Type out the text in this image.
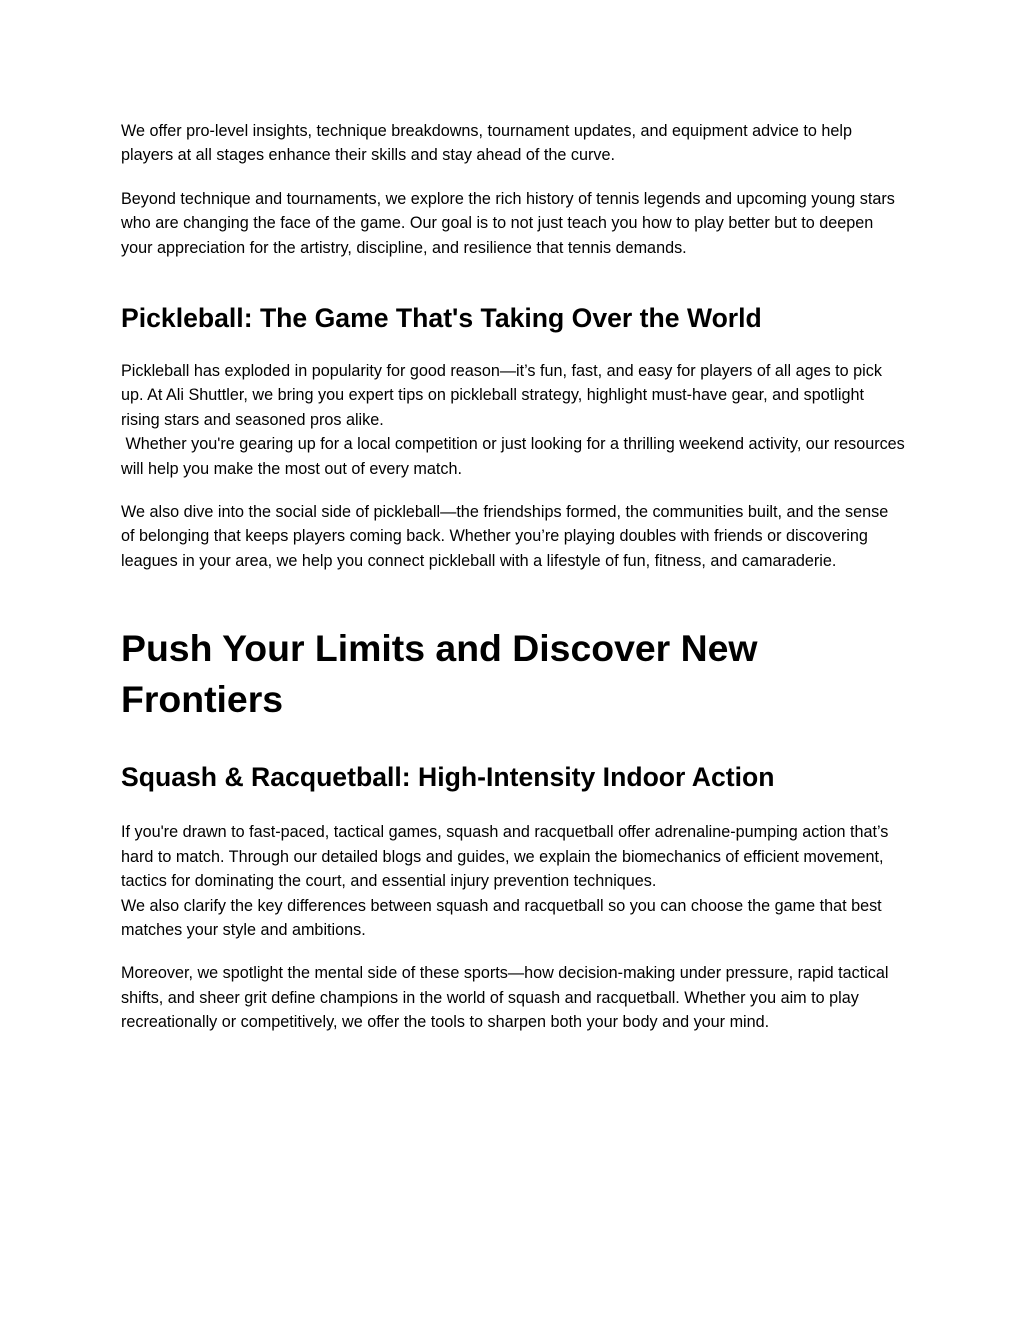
We offer pro-level insights, technique breakdowns, tournament updates, and equipment advice to help players at all stages enhance their skills and stay ahead of the curve.

Beyond technique and tournaments, we explore the rich history of tennis legends and upcoming young stars who are changing the face of the game. Our goal is to not just teach you how to play better but to deepen your appreciation for the artistry, discipline, and resilience that tennis demands.

Pickleball: The Game That's Taking Over the World

Pickleball has exploded in popularity for good reason—it’s fun, fast, and easy for players of all ages to pick up. At Ali Shuttler, we bring you expert tips on pickleball strategy, highlight must-have gear, and spotlight rising stars and seasoned pros alike.
Whether you're gearing up for a local competition or just looking for a thrilling weekend activity, our resources will help you make the most out of every match.

We also dive into the social side of pickleball—the friendships formed, the communities built, and the sense of belonging that keeps players coming back. Whether you’re playing doubles with friends or discovering leagues in your area, we help you connect pickleball with a lifestyle of fun, fitness, and camaraderie.

Push Your Limits and Discover New Frontiers
Squash & Racquetball: High-Intensity Indoor Action

If you're drawn to fast-paced, tactical games, squash and racquetball offer adrenaline-pumping action that’s hard to match. Through our detailed blogs and guides, we explain the biomechanics of efficient movement, tactics for dominating the court, and essential injury prevention techniques.
We also clarify the key differences between squash and racquetball so you can choose the game that best matches your style and ambitions.

Moreover, we spotlight the mental side of these sports—how decision-making under pressure, rapid tactical shifts, and sheer grit define champions in the world of squash and racquetball. Whether you aim to play recreationally or competitively, we offer the tools to sharpen both your body and your mind.
